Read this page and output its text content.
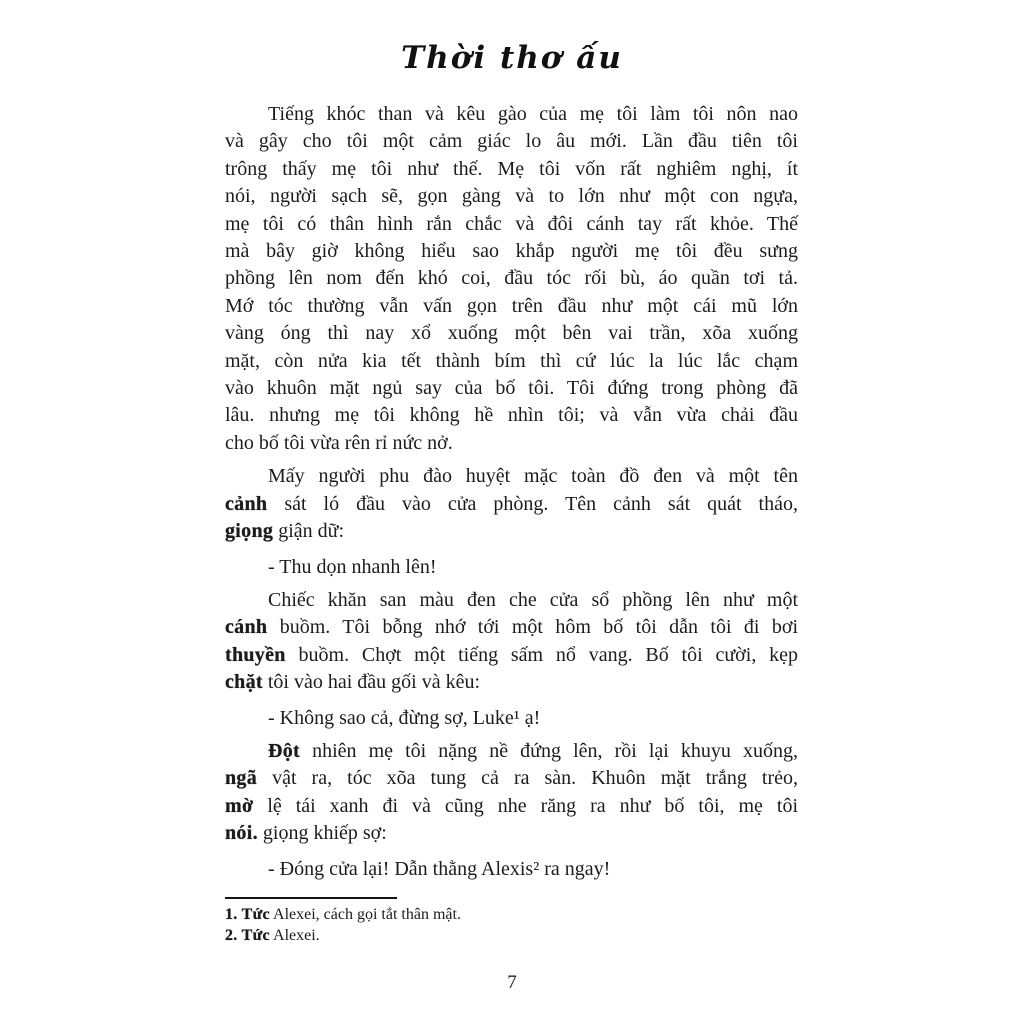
Thời thơ ấu
Tiếng khóc than và kêu gào của mẹ tôi làm tôi nôn nao
và gây cho tôi một cảm giác lo âu mới. Lần đầu tiên tôi
trông thấy mẹ tôi như thế. Mẹ tôi vốn rất nghiêm nghị, ít
nói, người sạch sẽ, gọn gàng và to lớn như một con ngựa,
mẹ tôi có thân hình rắn chắc và đôi cánh tay rất khỏe. Thế
mà bây giờ không hiểu sao khắp người mẹ tôi đều sưng
phồng lên nom đến khó coi, đầu tóc rối bù, áo quần tơi tả.
Mớ tóc thường vẫn vấn gọn trên đầu như một cái mũ lớn
vàng óng thì nay xổ xuống một bên vai trần, xõa xuống
mặt, còn nửa kia tết thành bím thì cứ lúc la lúc lắc chạm
vào khuôn mặt ngủ say của bố tôi. Tôi đứng trong phòng đã
lâu. nhưng mẹ tôi không hề nhìn tôi; và vẫn vừa chải đầu
cho bố tôi vừa rên rỉ nức nở.
Mấy người phu đào huyệt mặc toàn đồ đen và một tên
cảnh sát ló đầu vào cửa phòng. Tên cảnh sát quát tháo,
giọng giận dữ:
- Thu dọn nhanh lên!
Chiếc khăn san màu đen che cửa sổ phồng lên như một
cánh buồm. Tôi bỗng nhớ tới một hôm bố tôi dẫn tôi đi bơi
thuyền buồm. Chợt một tiếng sấm nổ vang. Bố tôi cười, kẹp
chặt tôi vào hai đầu gối và kêu:
- Không sao cả, đừng sợ, Luke¹ ạ!
Đột nhiên mẹ tôi nặng nề đứng lên, rồi lại khuyu xuống,
ngã vật ra, tóc xõa tung cả ra sàn. Khuôn mặt trắng trẻo,
mờ lệ tái xanh đi và cũng nhe răng ra như bố tôi, mẹ tôi
nói. giọng khiếp sợ:
- Đóng cửa lại! Dẫn thằng Alexis² ra ngay!
1. Tức Alexei, cách gọi tắt thân mật.
2. Tức Alexei.
7
